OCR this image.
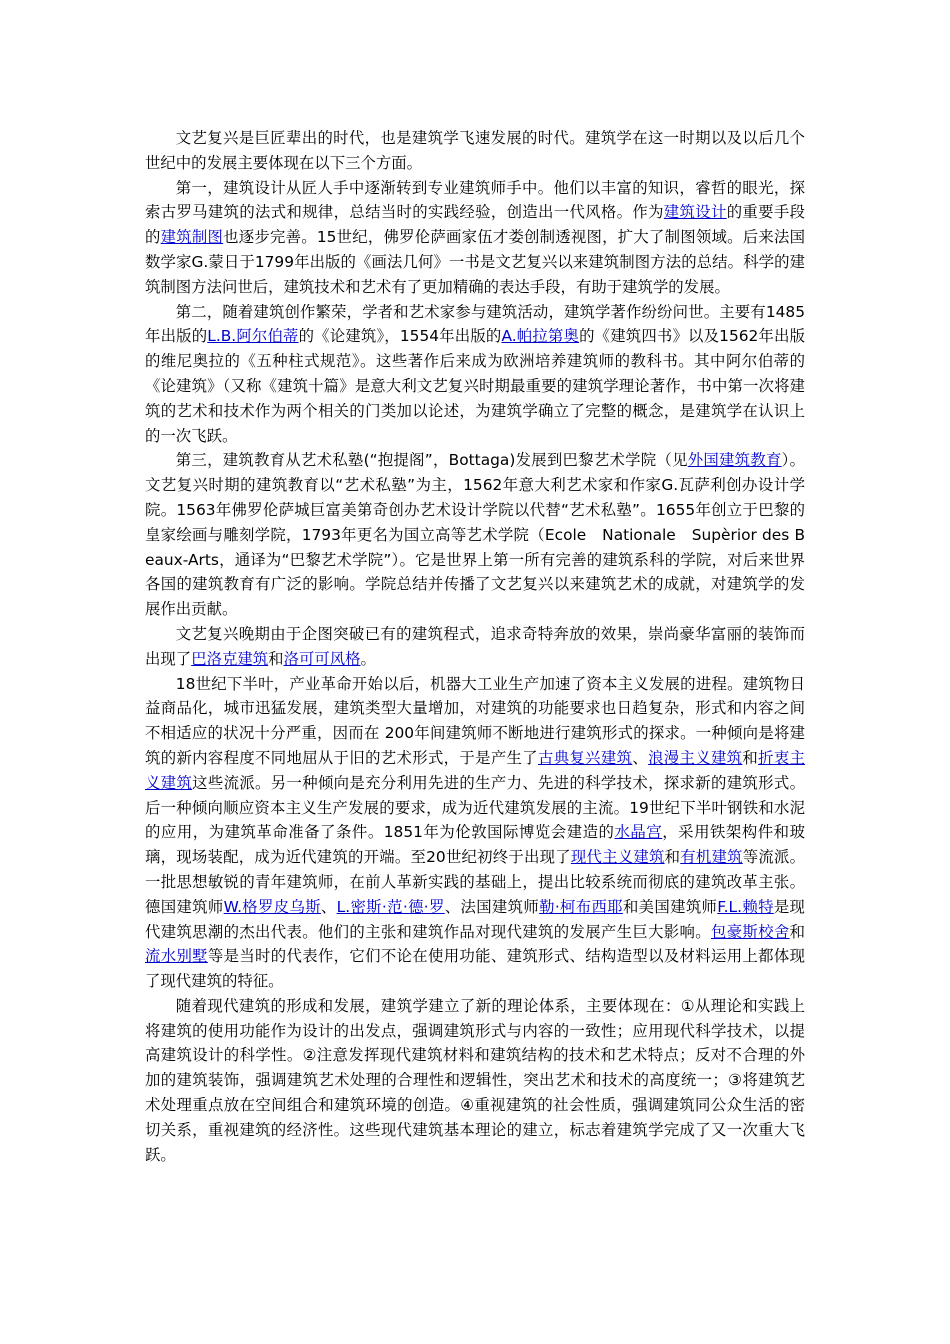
文艺复兴是巨匠辈出的时代，也是建筑学飞速发展的时代。建筑学在这一时期以及以后几个世纪中的发展主要体现在以下三个方面。

第一，建筑设计从匠人手中逐渐转到专业建筑师手中。他们以丰富的知识，睿哲的眼光，探索古罗马建筑的法式和规律，总结当时的实践经验，创造出一代风格。作为建筑设计的重要手段的建筑制图也逐步完善。15世纪，佛罗伦萨画家伍才娄创制透视图，扩大了制图领域。后来法国数学家G.蒙日于1799年出版的《画法几何》一书是文艺复兴以来建筑制图方法的总结。科学的建筑制图方法问世后，建筑技术和艺术有了更加精确的表达手段，有助于建筑学的发展。

第二，随着建筑创作繁荣，学者和艺术家参与建筑活动，建筑学著作纷纷问世。主要有1485年出版的L.B.阿尔伯蒂的《论建筑》，1554年出版的A.帕拉第奥的《建筑四书》以及1562年出版的维尼奥拉的《五种柱式规范》。这些著作后来成为欧洲培养建筑师的教科书。其中阿尔伯蒂的《论建筑》（又称《建筑十篇》是意大利文艺复兴时期最重要的建筑学理论著作，书中第一次将建筑的艺术和技术作为两个相关的门类加以论述，为建筑学确立了完整的概念，是建筑学在认识上的一次飞跃。

第三，建筑教育从艺术私塾(“抱提阁”，Bottaga)发展到巴黎艺术学院（见外国建筑教育）。文艺复兴时期的建筑教育以“艺术私塾”为主，1562年意大利艺术家和作家G.瓦萨利创办设计学院。1563年佛罗伦萨城巨富美第奇创办艺术设计学院以代替“艺术私塾”。1655年创立于巴黎的皇家绘画与雕刻学院，1793年更名为国立高等艺术学院（Ecole　Nationale　Supèrior des Beaux-Arts，通译为“巴黎艺术学院”）。它是世界上第一所有完善的建筑系科的学院，对后来世界各国的建筑教育有广泛的影响。学院总结并传播了文艺复兴以来建筑艺术的成就，对建筑学的发展作出贡献。

文艺复兴晚期由于企图突破已有的建筑程式，追求奇特奔放的效果，崇尚豪华富丽的装饰而出现了巴洛克建筑和洛可可风格。

18世纪下半叶，产业革命开始以后，机器大工业生产加速了资本主义发展的进程。建筑物日益商品化，城市迅猛发展，建筑类型大量增加，对建筑的功能要求也日趋复杂，形式和内容之间不相适应的状况十分严重，因而在 200年间建筑师不断地进行建筑形式的探求。一种倾向是将建筑的新内容程度不同地屈从于旧的艺术形式，于是产生了古典复兴建筑、浪漫主义建筑和折衷主义建筑这些流派。另一种倾向是充分利用先进的生产力、先进的科学技术，探求新的建筑形式。后一种倾向顺应资本主义生产发展的要求，成为近代建筑发展的主流。19世纪下半叶钢铁和水泥的应用，为建筑革命准备了条件。1851年为伦敦国际博览会建造的水晶宫，采用铁架构件和玻璃，现场装配，成为近代建筑的开端。至20世纪初终于出现了现代主义建筑和有机建筑等流派。一批思想敏锐的青年建筑师，在前人革新实践的基础上，提出比较系统而彻底的建筑改革主张。德国建筑师W.格罗皮乌斯、L.密斯·范·德·罗、法国建筑师勒·柯布西耶和美国建筑师F.L.赖特是现代建筑思潮的杰出代表。他们的主张和建筑作品对现代建筑的发展产生巨大影响。包豪斯校舍和流水别墅等是当时的代表作，它们不论在使用功能、建筑形式、结构造型以及材料运用上都体现了现代建筑的特征。

随着现代建筑的形成和发展，建筑学建立了新的理论体系，主要体现在：①从理论和实践上将建筑的使用功能作为设计的出发点，强调建筑形式与内容的一致性；应用现代科学技术，以提高建筑设计的科学性。②注意发挥现代建筑材料和建筑结构的技术和艺术特点；反对不合理的外加的建筑装饰，强调建筑艺术处理的合理性和逻辑性，突出艺术和技术的高度统一；③将建筑艺术处理重点放在空间组合和建筑环境的创造。④重视建筑的社会性质，强调建筑同公众生活的密切关系，重视建筑的经济性。这些现代建筑基本理论的建立，标志着建筑学完成了又一次重大飞跃。
